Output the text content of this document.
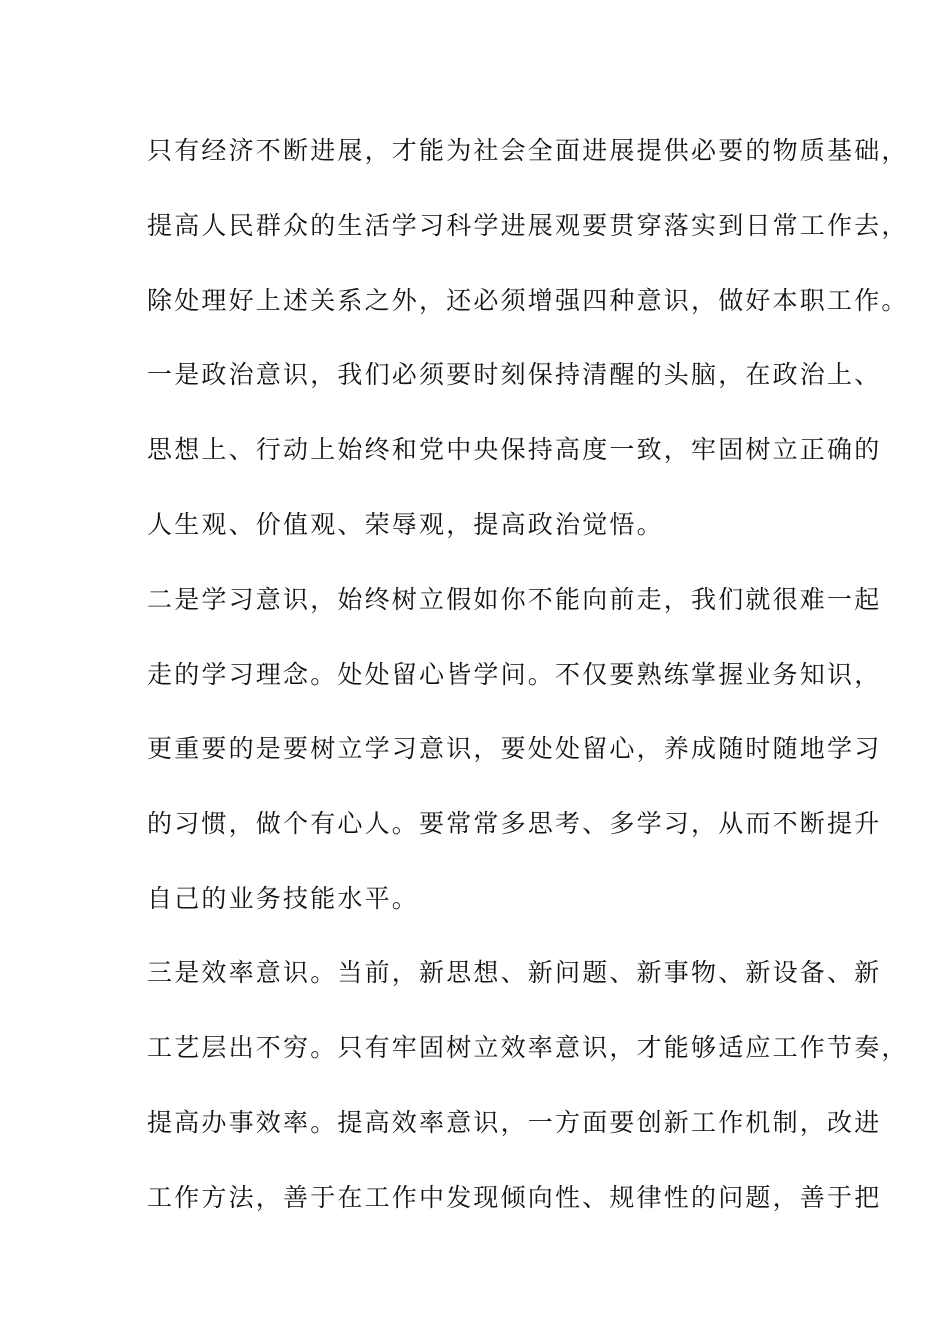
只有经济不断进展，才能为社会全面进展提供必要的物质基础，
提高人民群众的生活学习科学进展观要贯穿落实到日常工作去，
除处理好上述关系之外，还必须增强四种意识，做好本职工作。
一是政治意识，我们必须要时刻保持清醒的头脑，在政治上、
思想上、行动上始终和党中央保持高度一致，牢固树立正确的
人生观、价值观、荣辱观，提高政治觉悟。
二是学习意识，始终树立假如你不能向前走，我们就很难一起
走的学习理念。处处留心皆学问。不仅要熟练掌握业务知识，
更重要的是要树立学习意识，要处处留心，养成随时随地学习
的习惯，做个有心人。要常常多思考、多学习，从而不断提升
自己的业务技能水平。
三是效率意识。当前，新思想、新问题、新事物、新设备、新
工艺层出不穷。只有牢固树立效率意识，才能够适应工作节奏，
提高办事效率。提高效率意识，一方面要创新工作机制，改进
工作方法，善于在工作中发现倾向性、规律性的问题，善于把
